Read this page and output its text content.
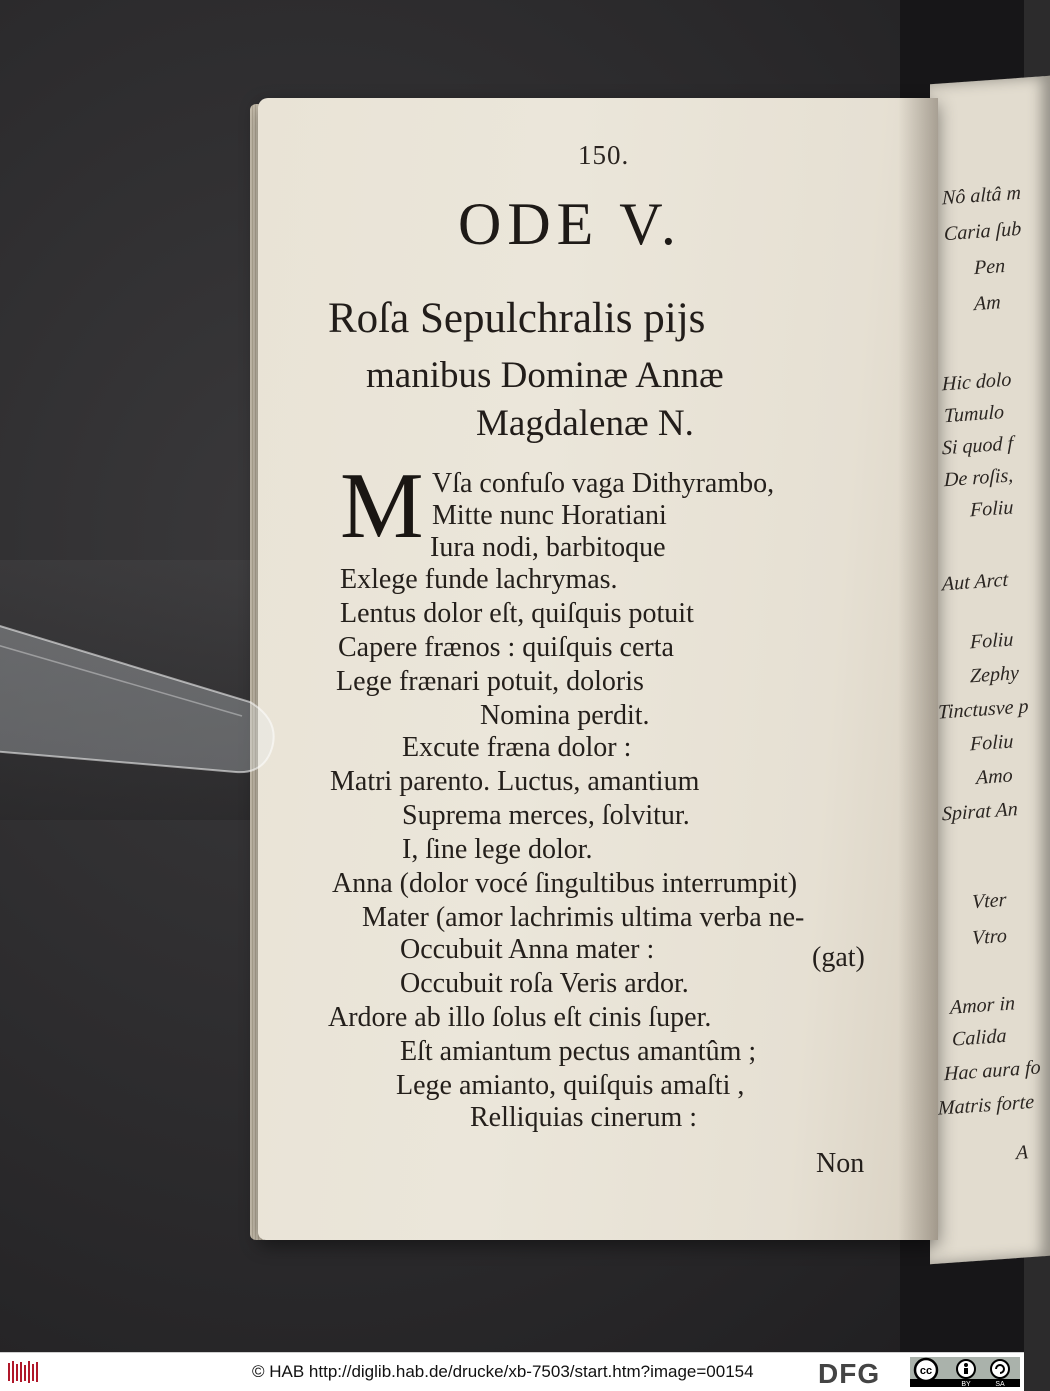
Nô altâ m
Caria ſub
Pen
Am
Hic dolo
Tumulo
Si quod f
De roſis,
Foliu
Aut Arct
Foliu
Zephy
Tinctusve p
Foliu
Amo
Spirat An
Vter
Vtro
Amor in
Calida
Hac aura fo
Matris forte
A
150.
ODE V.
Roſa Sepulchralis pijs
manibus Dominæ Annæ
Magdalenæ N.
M Vſa confuſo vaga Dithyrambo,
Mitte nunc Horatiani
Iura nodi, barbitoque
Exlege funde lachrymas.
Lentus dolor eſt, quiſquis potuit
Capere frænos : quiſquis certa
Lege frænari potuit, doloris
Nomina perdit.
Excute fræna dolor :
Matri parento. Luctus, amantium
Suprema merces, ſolvitur.
I, ſine lege dolor.
Anna (dolor vocé ſingultibus interrumpit)
Mater (amor lachrimis ultima verba ne-
Occubuit Anna mater :	(gat)
Occubuit roſa Veris ardor.
Ardore ab illo ſolus eſt cinis ſuper.
Eſt amiantum pectus amantûm ;
Lege amianto, quiſquis amaſti ,
Relliquias cinerum :
Non
© HAB http://diglib.hab.de/drucke/xb-7503/start.htm?image=00154 DFG	cc
BY	SA
